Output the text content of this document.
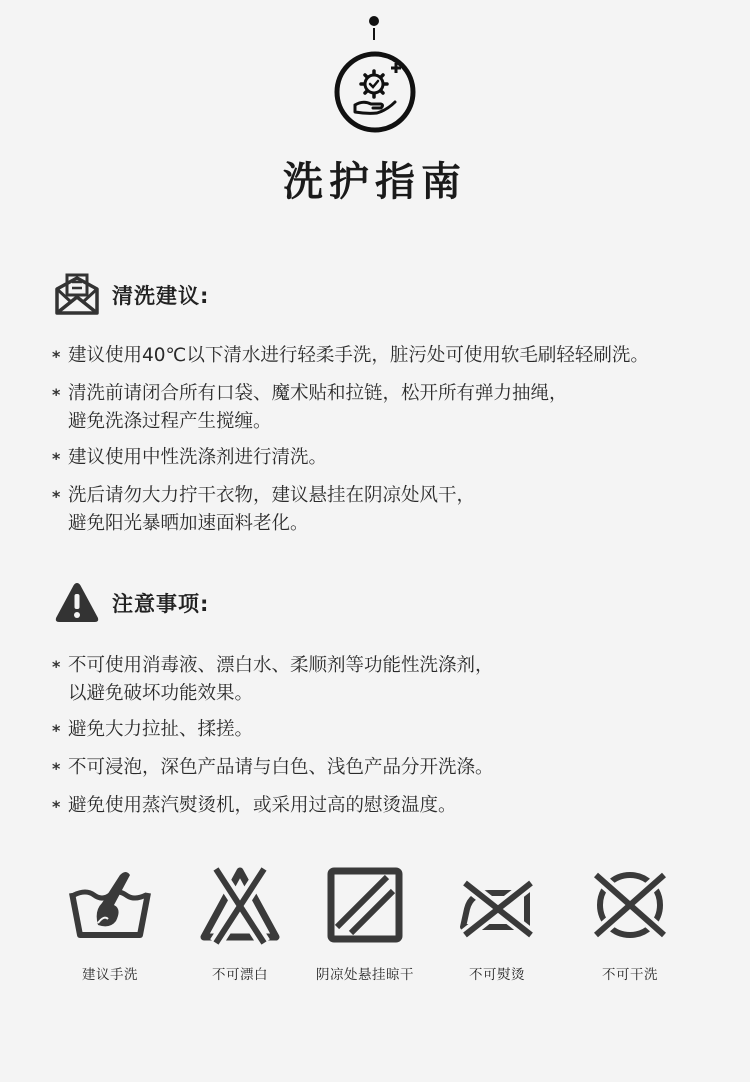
洗护指南
清洗建议:
* 建议使用40℃以下清水进行轻柔手洗，脏污处可使用软毛刷轻轻刷洗。
* 清洗前请闭合所有口袋、魔术贴和拉链，松开所有弹力抽绳，
避免洗涤过程产生搅缠。
* 建议使用中性洗涤剂进行清洗。
* 洗后请勿大力拧干衣物，建议悬挂在阴凉处风干，
避免阳光暴晒加速面料老化。
注意事项:
* 不可使用消毒液、漂白水、柔顺剂等功能性洗涤剂，
以避免破坏功能效果。
* 避免大力拉扯、揉搓。
* 不可浸泡，深色产品请与白色、浅色产品分开洗涤。
* 避免使用蒸汽熨烫机，或采用过高的慰烫温度。
建议手洗	不可漂白	阴凉处悬挂晾干	不可熨烫	不可干洗
